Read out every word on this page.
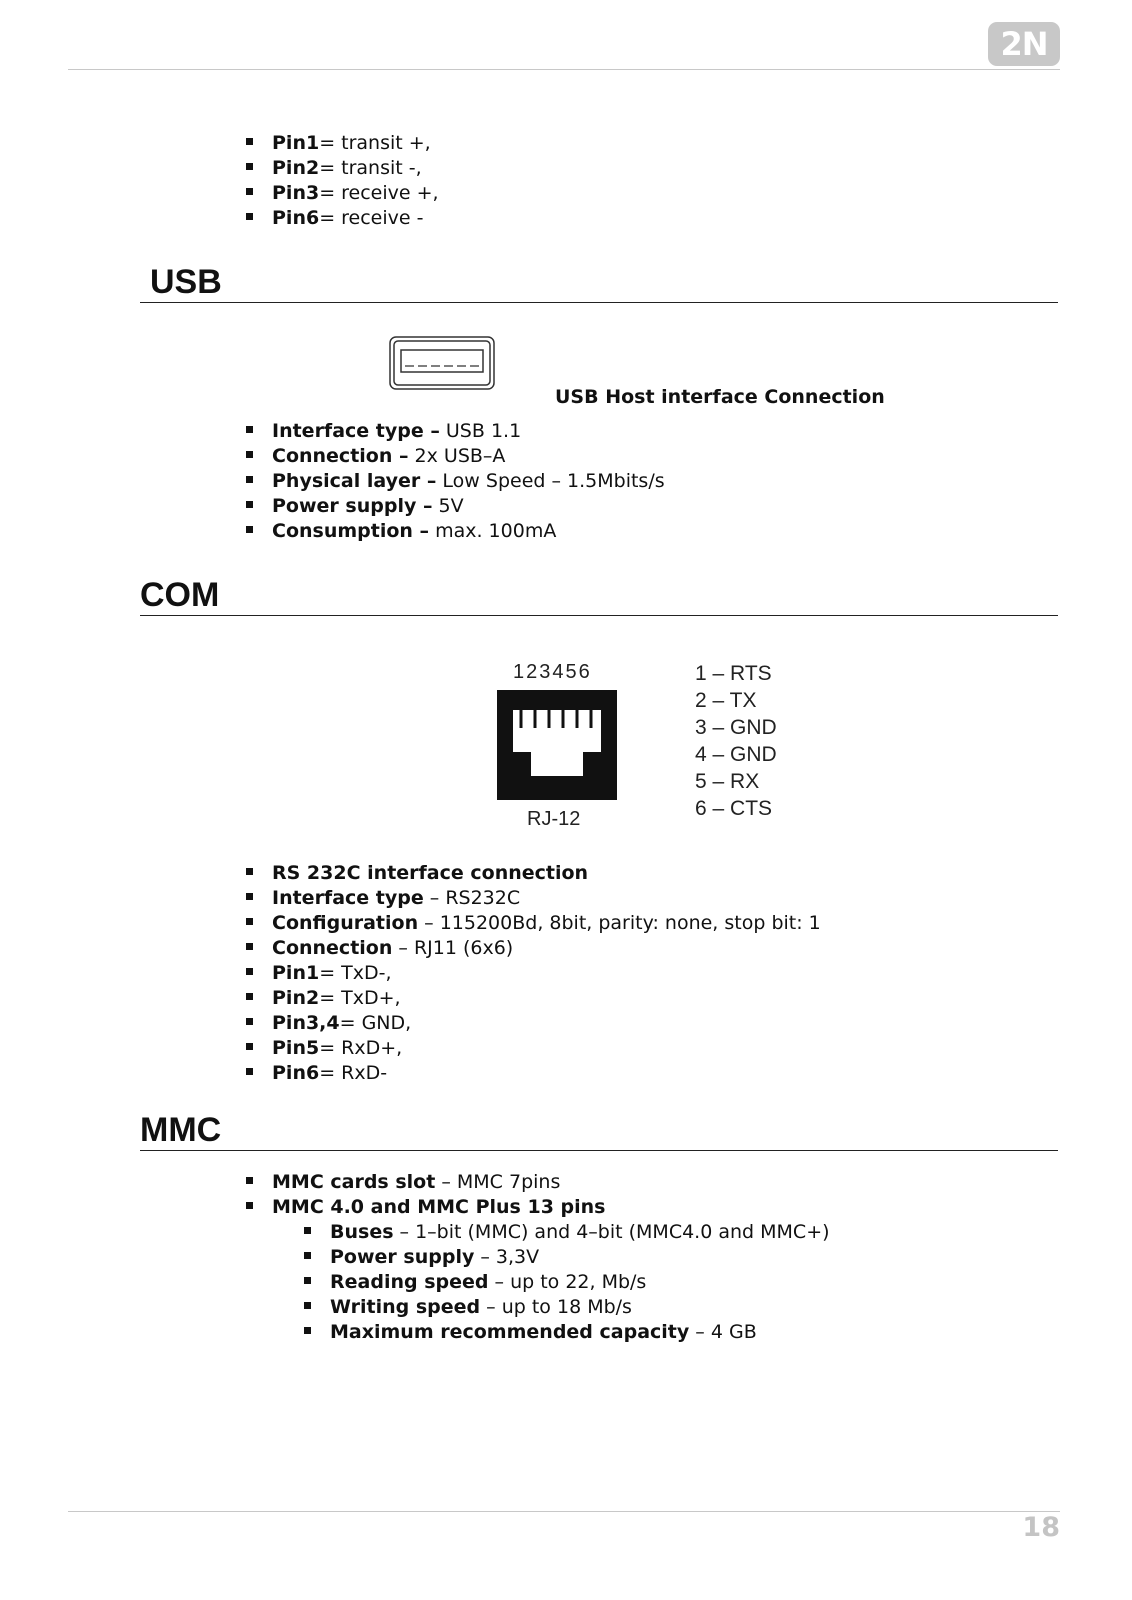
2N
Pin1= transit +,
Pin2= transit -,
Pin3= receive +,
Pin6= receive -
USB
USB Host interface Connection
Interface type – USB 1.1
Connection – 2x USB–A
Physical layer – Low Speed – 1.5Mbits/s
Power supply – 5V
Consumption – max. 100mA
COM
123456
RJ-12
1 – RTS
2 – TX
3 – GND
4 – GND
5 – RX
6 – CTS
RS 232C interface connection
Interface type – RS232C
Configuration – 115200Bd, 8bit, parity: none, stop bit: 1
Connection – RJ11 (6x6)
Pin1= TxD-,
Pin2= TxD+,
Pin3,4= GND,
Pin5= RxD+,
Pin6= RxD-
MMC
MMC cards slot – MMC 7pins
MMC 4.0 and MMC Plus 13 pins
Buses – 1–bit (MMC) and 4–bit (MMC4.0 and MMC+)
Power supply – 3,3V
Reading speed – up to 22, Mb/s
Writing speed – up to 18 Mb/s
Maximum recommended capacity – 4 GB
18
